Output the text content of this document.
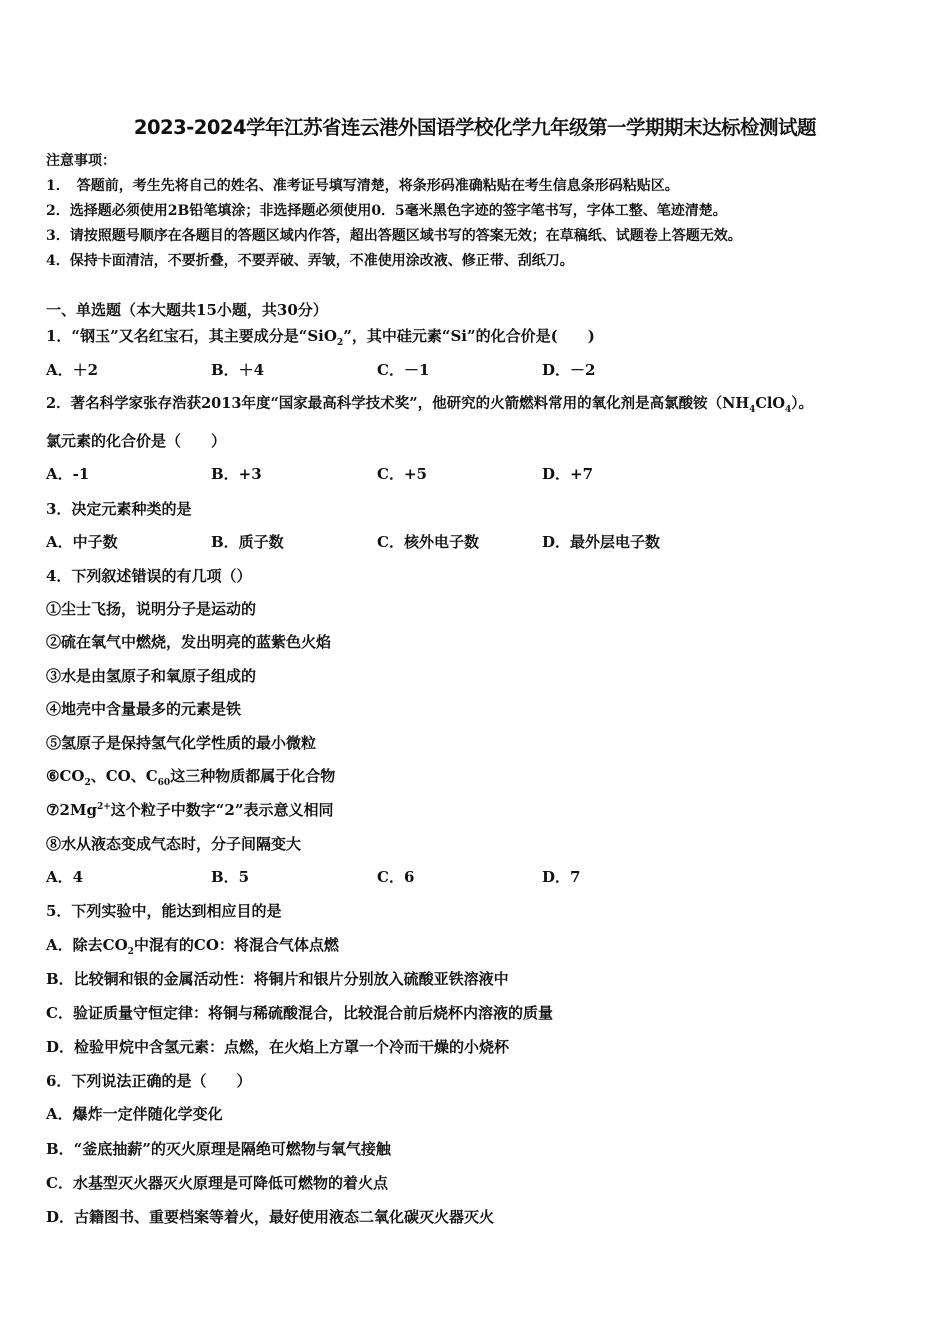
2023-2024学年江苏省连云港外国语学校化学九年级第一学期期末达标检测试题
注意事项：
1．　答题前，考生先将自己的姓名、准考证号填写清楚，将条形码准确粘贴在考生信息条形码粘贴区。
2．选择题必须使用2B铅笔填涂；非选择题必须使用0．5毫米黑色字迹的签字笔书写，字体工整、笔迹清楚。
3．请按照题号顺序在各题目的答题区域内作答，超出答题区域书写的答案无效；在草稿纸、试题卷上答题无效。
4．保持卡面清洁，不要折叠，不要弄破、弄皱，不准使用涂改液、修正带、刮纸刀。
一、单选题（本大题共15小题，共30分）
1．“钢玉”又名红宝石，其主要成分是“SiO$_2$”，其中硅元素“Si”的化合价是(　　)
A．＋2	B．＋4	C．－1	D．－2
2．著名科学家张存浩获2013年度“国家最高科学技术奖”，他研究的火箭燃料常用的氧化剂是高氯酸铵$(NH_4ClO_4)$。
氯元素的化合价是（　　）
A．-1	B．+3	C．+5	D．+7
3．决定元素种类的是
A．中子数	B．质子数	C．核外电子数	D．最外层电子数
4．下列叙述错误的有几项（）
①尘士飞扬，说明分子是运动的
②硫在氧气中燃烧，发出明亮的蓝紫色火焰
③水是由氢原子和氧原子组成的
④地壳中含量最多的元素是铁
⑤氢原子是保持氢气化学性质的最小微粒
$⑥CO_2$、CO、$C_{60}$这三种物质都属于化合物
$⑦2Mg^{2+}$这个粒子中数字“2”表示意义相同
⑧水从液态变成气态时，分子间隔变大
A．4	B．5	C．6	D．7
5．下列实验中，能达到相应目的是
A．除去$CO_2$中混有的CO：将混合气体点燃
B．比较铜和银的金属活动性：将铜片和银片分别放入硫酸亚铁溶液中
C．验证质量守恒定律：将铜与稀硫酸混合，比较混合前后烧杯内溶液的质量
D．检验甲烷中含氢元素：点燃，在火焰上方罩一个冷而干燥的小烧杯
6．下列说法正确的是（　　）
A．爆炸一定伴随化学变化
B．“釜底抽薪”的灭火原理是隔绝可燃物与氧气接触
C．水基型灭火器灭火原理是可降低可燃物的着火点
D．古籍图书、重要档案等着火，最好使用液态二氧化碳灭火器灭火
